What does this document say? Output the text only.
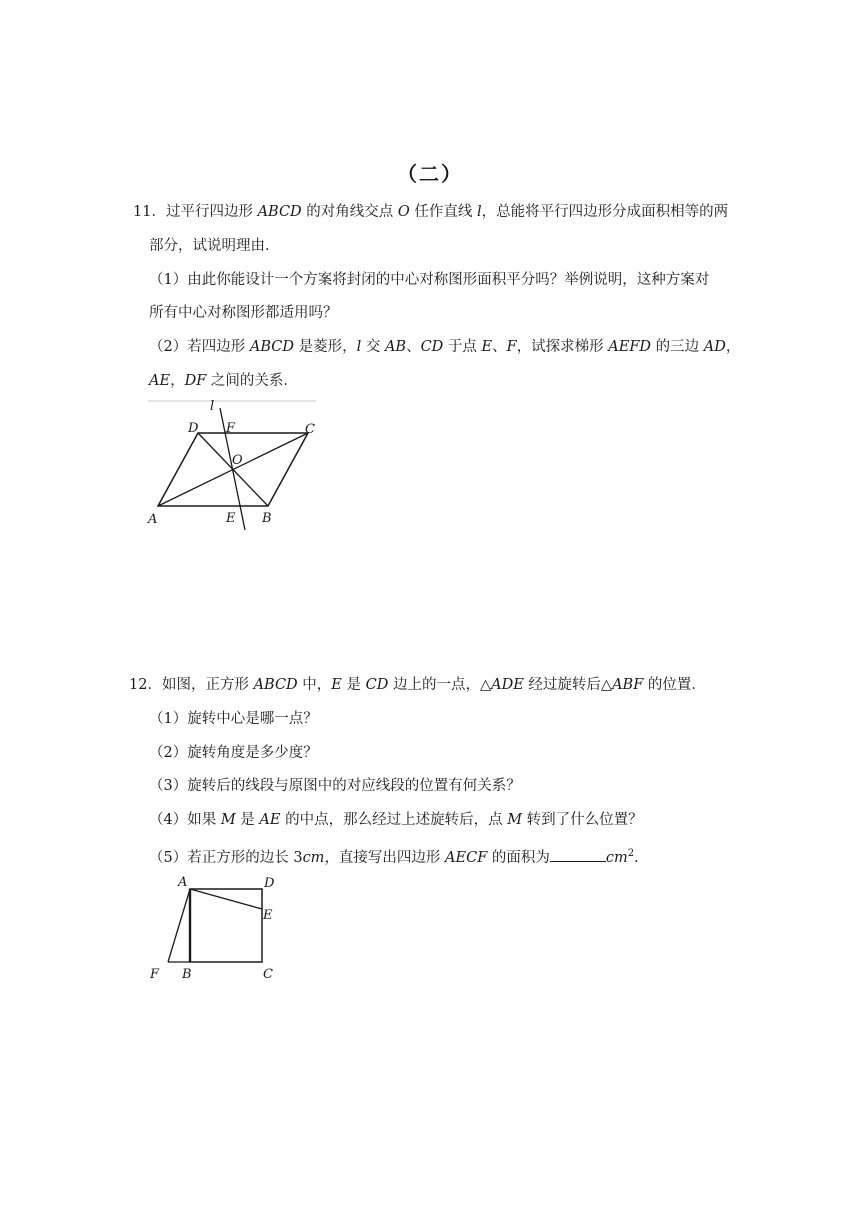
（二）
11．过平行四边形 ABCD 的对角线交点 O 任作直线 l，总能将平行四边形分成面积相等的两
部分，试说明理由．
（1）由此你能设计一个方案将封闭的中心对称图形面积平分吗？举例说明，这种方案对
所有中心对称图形都适用吗？
（2）若四边形 ABCD 是菱形，l 交 AB、CD 于点 E、F，试探求梯形 AEFD 的三边 AD，
AE，DF 之间的关系．
l
D F	C
O
A	E B
12．如图，正方形 ABCD 中，E 是 CD 边上的一点，△ADE 经过旋转后△ABF 的位置．
（1）旋转中心是哪一点？
（2）旋转角度是多少度？
（3）旋转后的线段与原图中的对应线段的位置有何关系？
（4）如果 M 是 AE 的中点，那么经过上述旋转后，点 M 转到了什么位置？
（5）若正方形的边长 3cm，直接写出四边形 AECF 的面积为	$cm^2$．
A	D
E
F B	C
